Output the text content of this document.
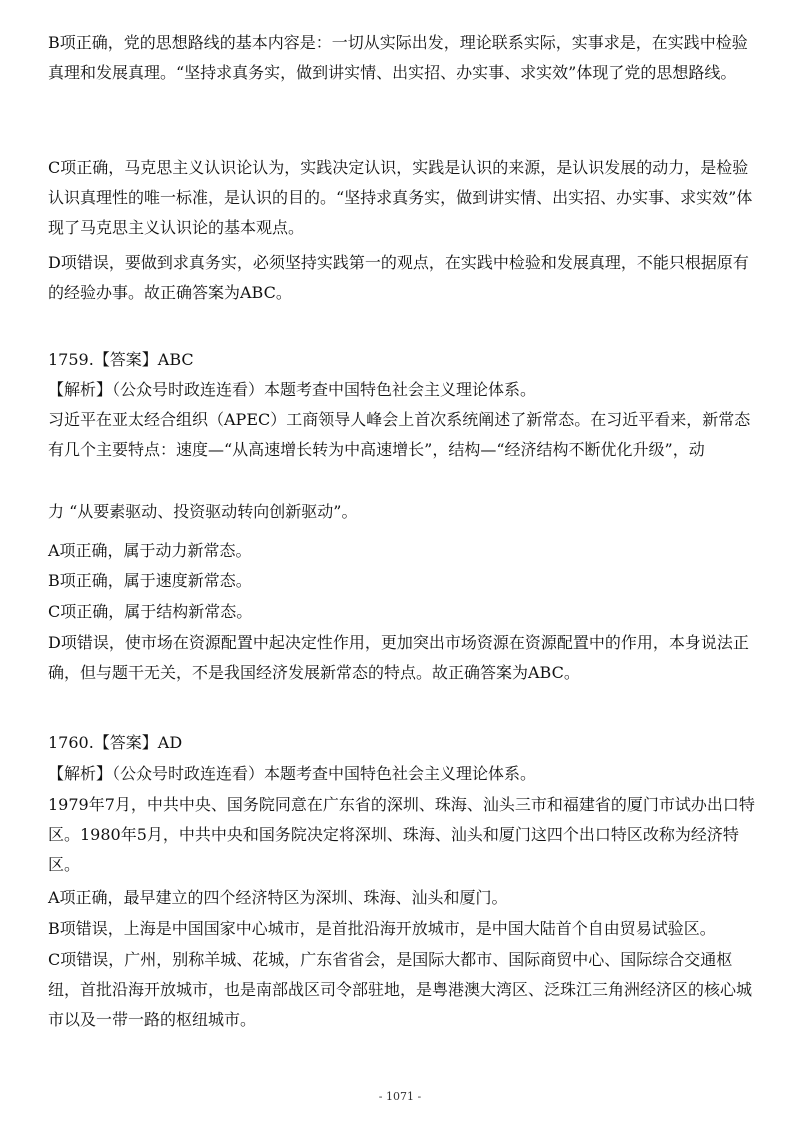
B项正确，党的思想路线的基本内容是：一切从实际出发，理论联系实际，实事求是，在实践中检验真理和发展真理。“坚持求真务实，做到讲实情、出实招、办实事、求实效”体现了党的思想路线。

C项正确，马克思主义认识论认为，实践决定认识，实践是认识的来源，是认识发展的动力，是检验认识真理性的唯一标准，是认识的目的。“坚持求真务实，做到讲实情、出实招、办实事、求实效”体现了马克思主义认识论的基本观点。

D项错误，要做到求真务实，必须坚持实践第一的观点，在实践中检验和发展真理，不能只根据原有的经验办事。故正确答案为ABC。

1759.【答案】ABC

【解析】（公众号时政连连看）本题考查中国特色社会主义理论体系。

习近平在亚太经合组织（APEC）工商领导人峰会上首次系统阐述了新常态。在习近平看来，新常态有几个主要特点：速度—“从高速增长转为中高速增长”，结构—“经济结构不断优化升级”，动

力 “从要素驱动、投资驱动转向创新驱动”。

A项正确，属于动力新常态。

B项正确，属于速度新常态。

C项正确，属于结构新常态。

D项错误，使市场在资源配置中起决定性作用，更加突出市场资源在资源配置中的作用，本身说法正确，但与题干无关，不是我国经济发展新常态的特点。故正确答案为ABC。

1760.【答案】AD

【解析】（公众号时政连连看）本题考查中国特色社会主义理论体系。

1979年7月，中共中央、国务院同意在广东省的深圳、珠海、汕头三市和福建省的厦门市试办出口特区。1980年5月，中共中央和国务院决定将深圳、珠海、汕头和厦门这四个出口特区改称为经济特区。

A项正确，最早建立的四个经济特区为深圳、珠海、汕头和厦门。

B项错误，上海是中国国家中心城市，是首批沿海开放城市，是中国大陆首个自由贸易试验区。

C项错误，广州，别称羊城、花城，广东省省会，是国际大都市、国际商贸中心、国际综合交通枢纽，首批沿海开放城市，也是南部战区司令部驻地，是粤港澳大湾区、泛珠江三角洲经济区的核心城市以及一带一路的枢纽城市。

- 1071 -
